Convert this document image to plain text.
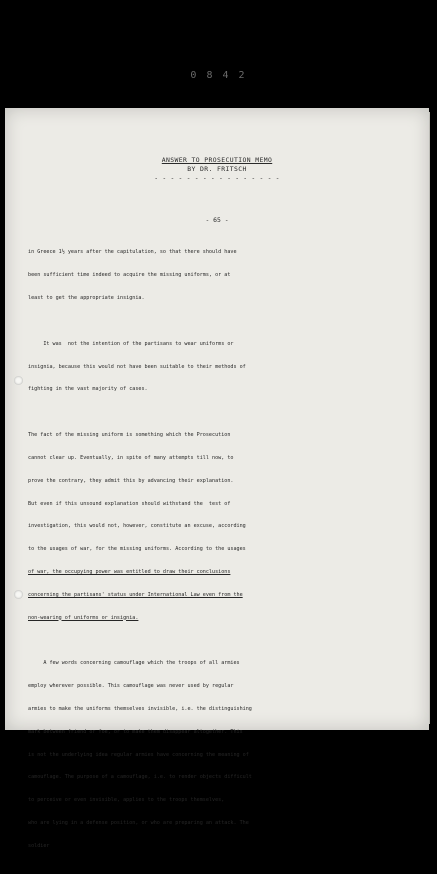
0 8 4 2
ANSWER TO PROSECUTION MEMO
BY DR. FRITSCH
- - - - - - - - - - - - - - - -
- 65 -

in Greece 1½ years after the capitulation, so that there should have

been sufficient time indeed to acquire the missing uniforms, or at

least to get the appropriate insignia.

It was  not the intention of the partisans to wear uniforms or

insignia, because this would not have been suitable to their methods of

fighting in the vast majority of cases.

The fact of the missing uniform is something which the Prosecution

cannot clear up. Eventually, in spite of many attempts till now, to

prove the contrary, they admit this by advancing their explanation.

But even if this unsound explanation should withstand the  test of

investigation, this would not, however, constitute an excuse, according

to the usages of war, for the missing uniforms. According to the usages

of war, the occupying power was entitled to draw their conclusions

concerning the partisans' status under International Law even from the

non-wearing of uniforms or insignia.

A few words concerning camouflage which the troops of all armies

employ wherever possible. This camouflage was never used by regular

armies to make the uniforms themselves invisible, i.e. the distinguishing

mark between friend or foe, or to make them disappear altogether. This

is not the underlying idea regular armies have concerning the meaning of

camouflage. The purpose of a camouflage, i.e. to render objects difficult

to perceive or even invisible, applies to the troops themselves,

who are lying in a defense position, or who are preparing an attack. The

soldier
